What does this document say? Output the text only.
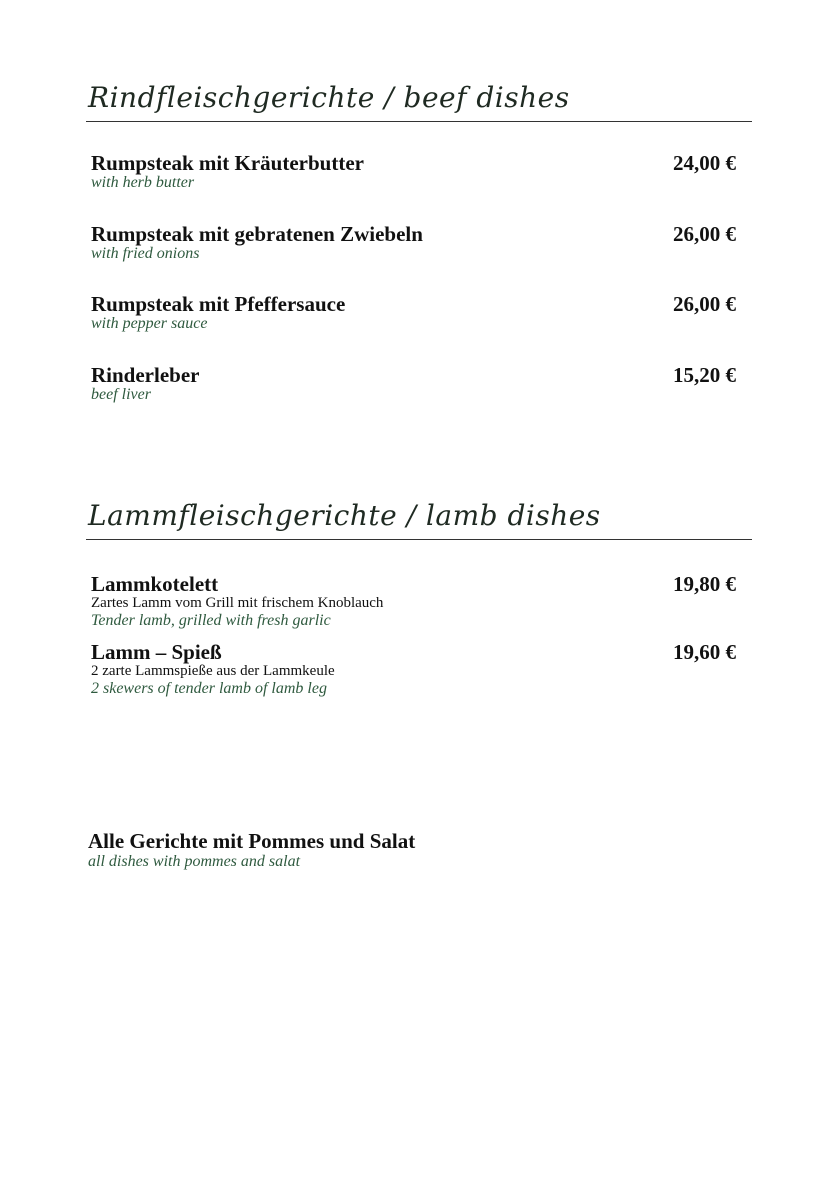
Rindfleischgerichte / beef dishes
Rumpsteak mit Kräuterbutter
with herb butter
24,00 €
Rumpsteak mit gebratenen Zwiebeln
with fried onions
26,00 €
Rumpsteak mit Pfeffersauce
with pepper sauce
26,00 €
Rinderleber
beef liver
15,20 €
Lammfleischgerichte / lamb dishes
Lammkotelett
Zartes Lamm vom Grill mit frischem Knoblauch
Tender lamb, grilled with fresh garlic
19,80 €
Lamm – Spieß
2 zarte Lammspieße aus der Lammkeule
2 skewers of tender lamb of lamb leg
19,60 €
Alle Gerichte mit Pommes und Salat
all dishes with pommes and salat
